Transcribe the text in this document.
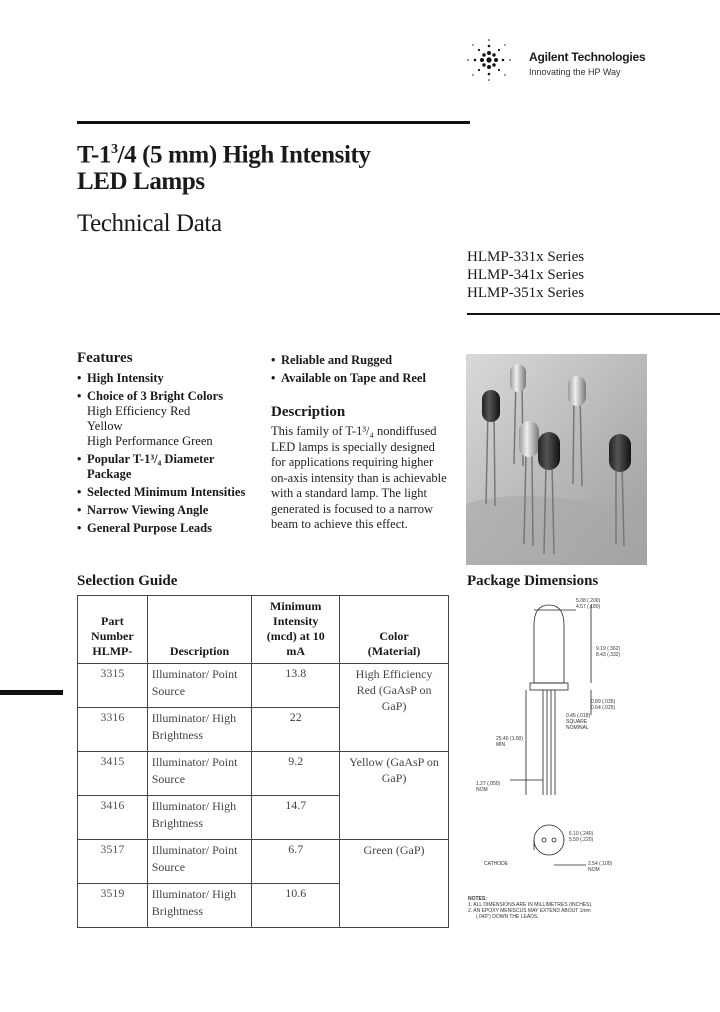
Agilent Technologies
Innovating the HP Way
$T-1^3/4$ (5 mm) High Intensity
LED Lamps
Technical Data
HLMP-331x Series
HLMP-341x Series
HLMP-351x Series
Features
• High Intensity
• Choice of 3 Bright Colors
High Efficiency Red
Yellow
High Performance Green
• Popular T-1³/₄ Diameter Package
• Selected Minimum Intensities
• Narrow Viewing Angle
• General Purpose Leads
• Reliable and Rugged
• Available on Tape and Reel
Description
This family of T-1³/₄ nondiffused LED lamps is specially designed for applications requiring higher on-axis intensity than is achievable with a standard lamp. The light generated is focused to a narrow beam to achieve this effect.
Selection Guide
Part Number HLMP-	Description	Minimum Intensity (mcd) at 10 mA	Color (Material)

3315	Illuminator/ Point Source	13.8	High Efficiency Red (GaAsP on GaP)

3316	Illuminator/ High Brightness	22	
3415	Illuminator/ Point Source	9.2	Yellow (GaAsP on GaP)

3416	Illuminator/ High Brightness	14.7	
3517	Illuminator/ Point Source	6.7	Green (GaP)
3519	Illuminator/ High Brightness	10.6	
Package Dimensions
5.08 (.200) 4.57 (.180)
9.19 (.362) 8.43 (.332)
0.89 (.035) 0.64 (.025)
0.45 (.018) SQUARE NOMINAL
25.40 (1.00) MIN
1.27 (.050) NOM
6.10 (.240) 5.59 (.220)
2.54 (.100) NOM
CATHODE
NOTES:
1. ALL DIMENSIONS ARE IN MILLIMETRES (INCHES).
2. AN EPOXY MENISCUS MAY EXTEND ABOUT 1mm
(.040") DOWN THE LEADS.
